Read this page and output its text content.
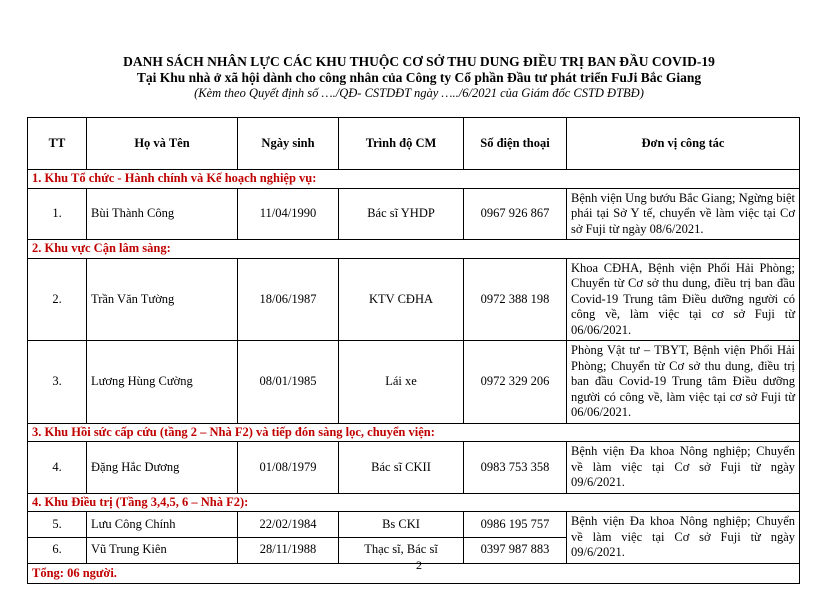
DANH SÁCH NHÂN LỰC CÁC KHU THUỘC CƠ SỞ THU DUNG ĐIỀU TRỊ BAN ĐẦU COVID-19
Tại Khu nhà ở xã hội dành cho công nhân của Công ty Cổ phần Đầu tư phát triển FuJi Bắc Giang
(Kèm theo Quyết định số …./QĐ- CSTDĐT ngày …../6/2021 của Giám đốc CSTD ĐTBĐ)
TT	Họ và Tên	Ngày sinh	Trình độ CM	Số điện thoại	Đơn vị công tác
1. Khu Tổ chức - Hành chính và Kế hoạch nghiệp vụ:					
1.	Bùi Thành Công	11/04/1990	Bác sĩ YHDP	0967 926 867	Bệnh viện Ung bướu Bắc Giang; Ngừng biệt phái tại Sở Y tế, chuyển về làm việc tại Cơ sở Fuji từ ngày 08/6/2021.
2. Khu vực Cận lâm sàng:					
2.	Trần Văn Tường	18/06/1987	KTV CĐHA	0972 388 198	Khoa CĐHA, Bệnh viện Phổi Hải Phòng; Chuyển từ Cơ sở thu dung, điều trị ban đầu Covid-19 Trung tâm Điều dưỡng người có công về, làm việc tại cơ sở Fuji từ 06/06/2021.
3.	Lương Hùng Cường	08/01/1985	Lái xe	0972 329 206	Phòng Vật tư – TBYT, Bệnh viện Phổi Hải Phòng; Chuyển từ Cơ sở thu dung, điều trị ban đầu Covid-19 Trung tâm Điều dưỡng người có công về, làm việc tại cơ sở Fuji từ 06/06/2021.
3. Khu Hồi sức cấp cứu (tầng 2 – Nhà F2) và tiếp đón sàng lọc, chuyển viện:					
4.	Đặng Hắc Dương	01/08/1979	Bác sĩ CKII	0983 753 358	Bệnh viện Đa khoa Nông nghiệp; Chuyển về làm việc tại Cơ sở Fuji từ ngày 09/6/2021.
4. Khu Điều trị (Tầng 3,4,5, 6 – Nhà F2):					
5.	Lưu Công Chính	22/02/1984	Bs CKI	0986 195 757	Bệnh viện Đa khoa Nông nghiệp; Chuyển về làm việc tại Cơ sở Fuji từ ngày 09/6/2021.
6.	Vũ Trung Kiên	28/11/1988	Thạc sĩ, Bác sĩ	0397 987 883	
Tổng: 06 người.					
2
